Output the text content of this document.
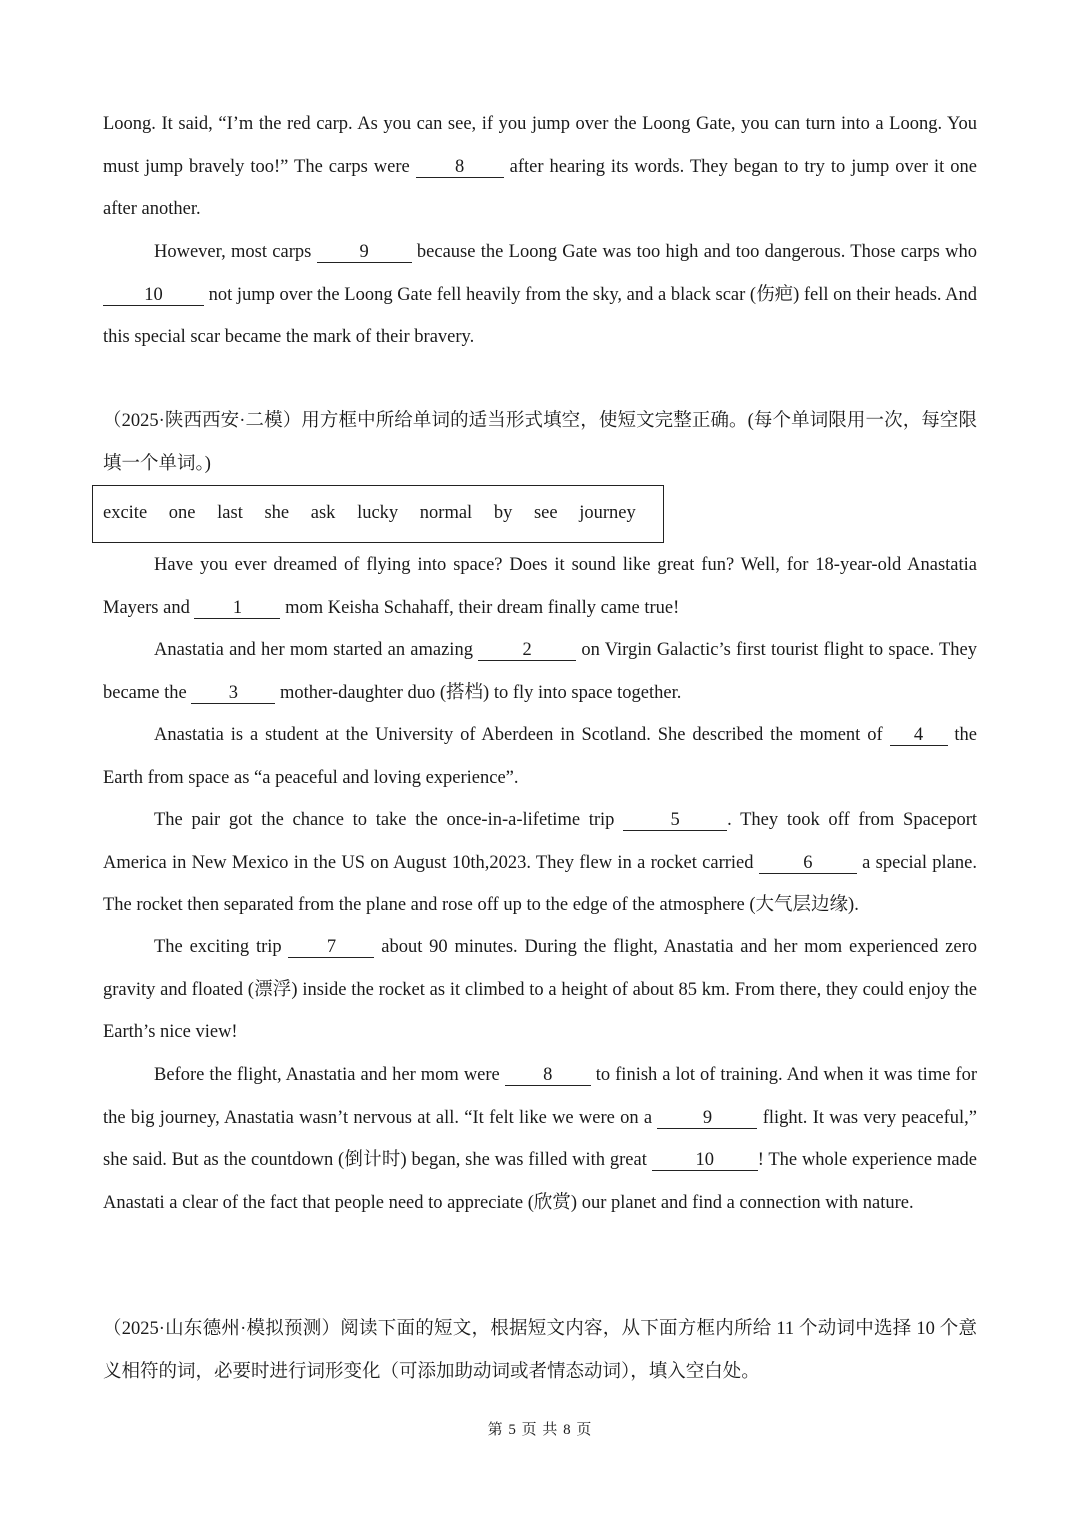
Loong. It said, “I’m the red carp. As you can see, if you jump over the Loong Gate, you can turn into a Loong. You must jump bravely too!” The carps were 8 after hearing its words. They began to try to jump over it one after another.

However, most carps 9 because the Loong Gate was too high and too dangerous. Those carps who 10 not jump over the Loong Gate fell heavily from the sky, and a black scar (伤疤) fell on their heads. And this special scar became the mark of their bravery.

（2025·陕西西安·二模）用方框中所给单词的适当形式填空，使短文完整正确。(每个单词限用一次，每空限填一个单词。)

excite one last she ask lucky normal by see journey

Have you ever dreamed of flying into space? Does it sound like great fun? Well, for 18-year-old Anastatia Mayers and 1 mom Keisha Schahaff, their dream finally came true!

Anastatia and her mom started an amazing 2 on Virgin Galactic’s first tourist flight to space. They became the 3 mother-daughter duo (搭档) to fly into space together.

Anastatia is a student at the University of Aberdeen in Scotland. She described the moment of 4 the Earth from space as “a peaceful and loving experience”.

The pair got the chance to take the once-in-a-lifetime trip	5	. They took off from Spaceport America in New Mexico in the US on August 10th,2023. They flew in a rocket carried 6 a special plane. The rocket then separated from the plane and rose off up to the edge of the atmosphere (大气层边缘).

The exciting trip 7 about 90 minutes. During the flight, Anastatia and her mom experienced zero gravity and floated (漂浮) inside the rocket as it climbed to a height of about 85 km. From there, they could enjoy the Earth’s nice view!

Before the flight, Anastatia and her mom were 8 to finish a lot of training. And when it was time for the big journey, Anastatia wasn’t nervous at all. “It felt like we were on a 9 flight. It was very peaceful,” she said. But as the countdown (倒计时) began, she was filled with great 10 ! The whole experience made Anastati a clear of the fact that people need to appreciate (欣赏) our planet and find a connection with nature.

（2025·山东德州·模拟预测）阅读下面的短文，根据短文内容，从下面方框内所给 11 个动词中选择 10 个意义相符的词，必要时进行词形变化（可添加助动词或者情态动词），填入空白处。

第 5 页 共 8 页
